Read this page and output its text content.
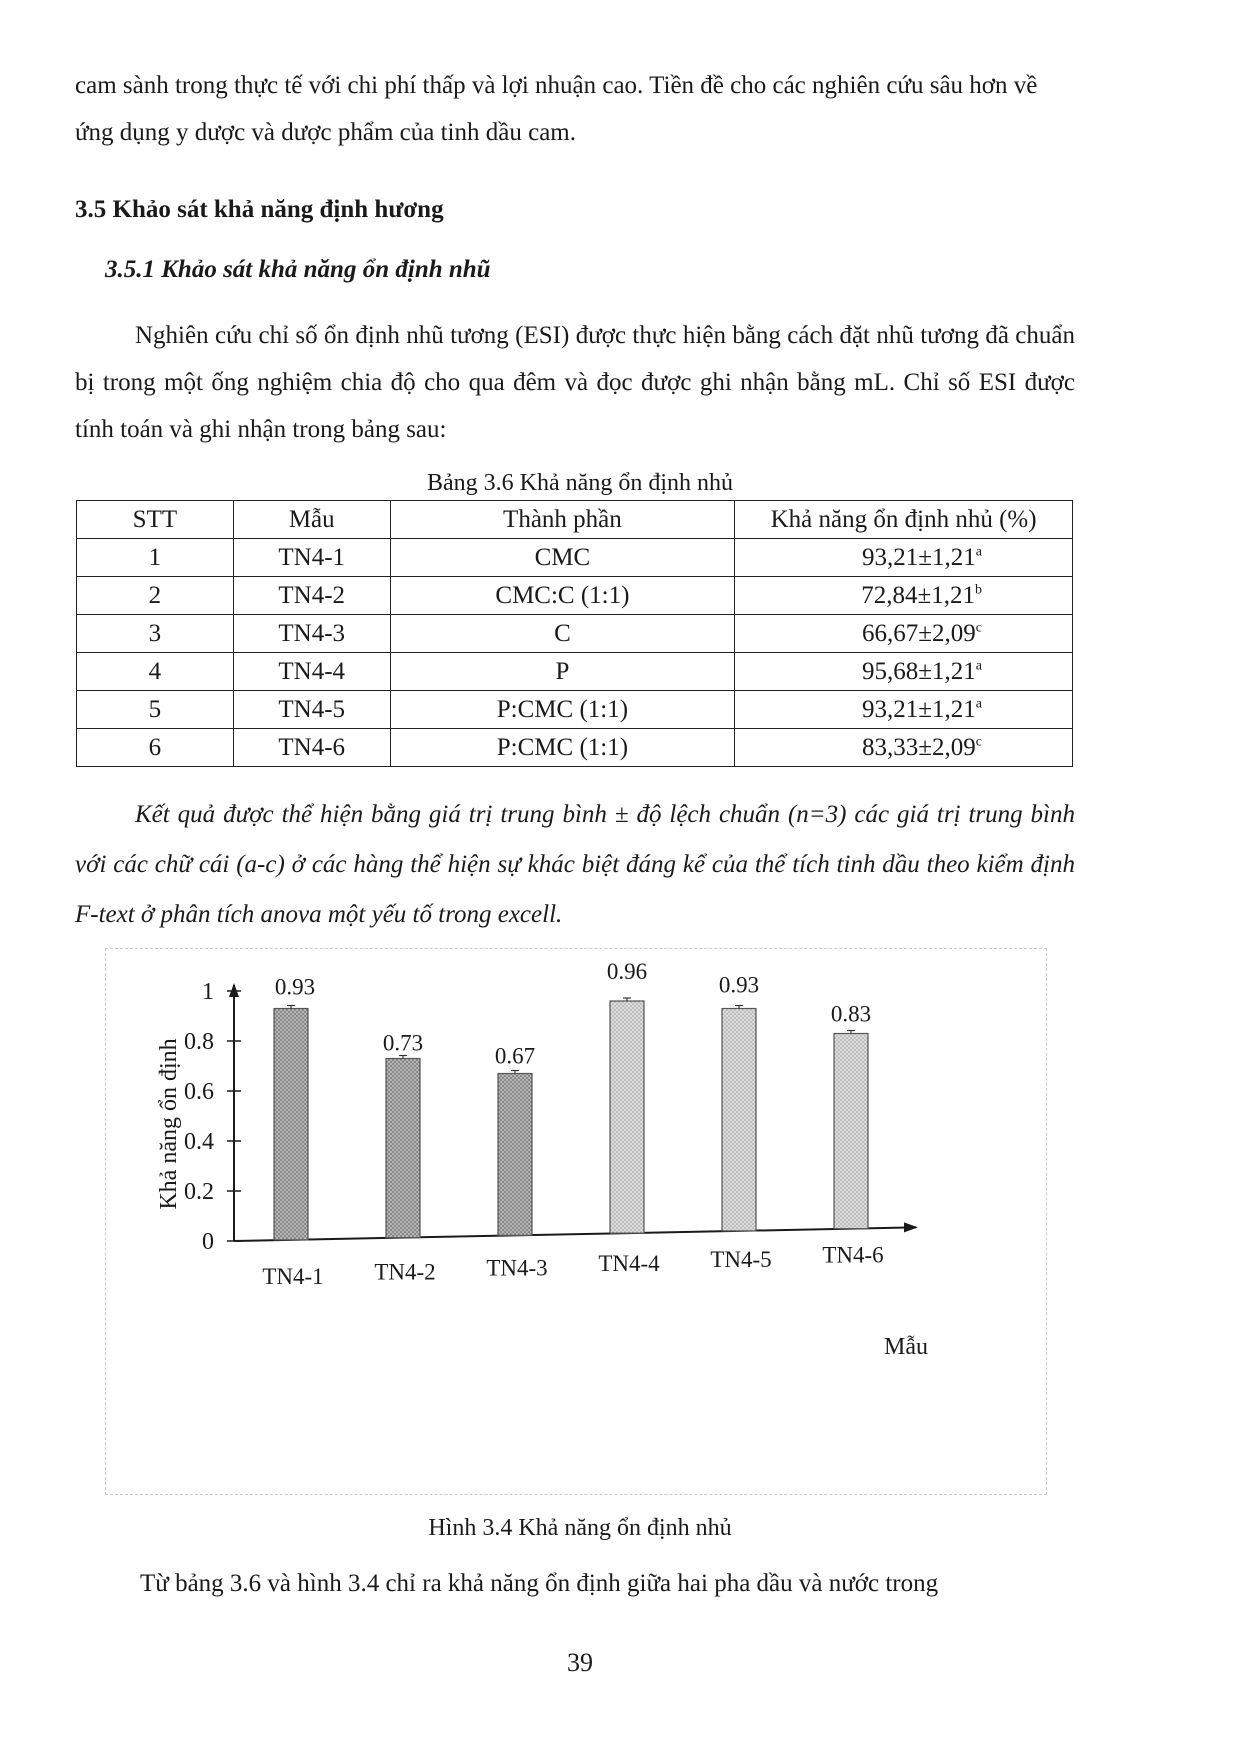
cam sành trong thực tế với chi phí thấp và lợi nhuận cao. Tiền đề cho các nghiên cứu sâu hơn về ứng dụng y dược và dược phẩm của tinh dầu cam.

3.5 Khảo sát khả năng định hương
3.5.1 Khảo sát khả năng ổn định nhũ

Nghiên cứu chỉ số ổn định nhũ tương (ESI) được thực hiện bằng cách đặt nhũ tương đã chuẩn bị trong một ống nghiệm chia độ cho qua đêm và đọc được ghi nhận bằng mL. Chỉ số ESI được tính toán và ghi nhận trong bảng sau:

Bảng 3.6 Khả năng ổn định nhủ
STT	Mẫu	Thành phần	Khả năng ổn định nhủ (%)
1	TN4-1	CMC	93,21±1,21$^a$
2	TN4-2	CMC:C (1:1)	72,84±1,21$^b$
3	TN4-3	C	66,67±2,09$^c$
4	TN4-4	P	95,68±1,21$^a$
5	TN4-5	P:CMC (1:1)	93,21±1,21$^a$
6	TN4-6	P:CMC (1:1)	83,33±2,09$^c$

Kết quả được thể hiện bằng giá trị trung bình ± độ lệch chuẩn (n=3) các giá trị trung bình với các chữ cái (a-c) ở các hàng thể hiện sự khác biệt đáng kể của thể tích tinh dầu theo kiểm định F-text ở phân tích anova một yếu tố trong excell.

0
0.2
0.4
0.6
0.8
1
TN4-1 TN4-2 TN4-3 TN4-4 TN4-5 TN4-6
0.93
0.73
0.67
0.96
0.93
0.83
Khả năng ổn định
Mẫu
Hình 3.4 Khả năng ổn định nhủ
Từ bảng 3.6 và hình 3.4 chỉ ra khả năng ổn định giữa hai pha dầu và nước trong
39
